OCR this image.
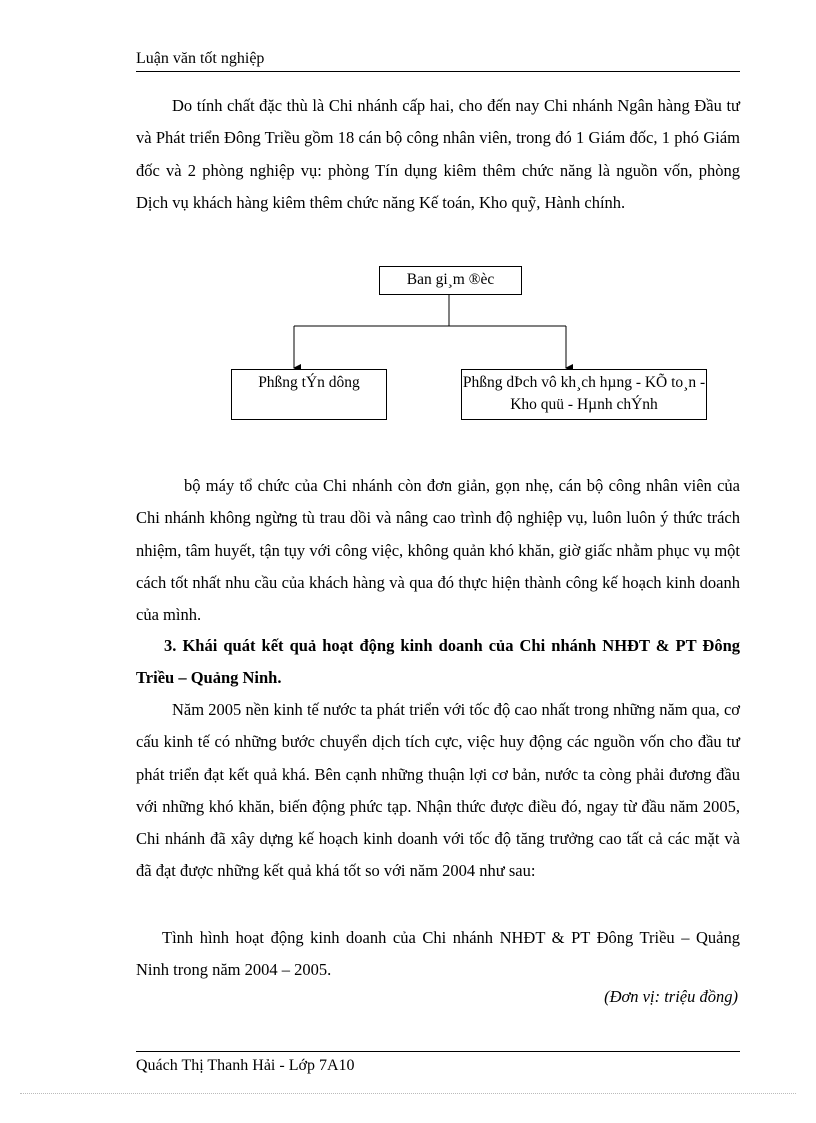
Luận văn tốt nghiệp

Do tính chất đặc thù là Chi nhánh cấp hai, cho đến nay Chi nhánh Ngân hàng Đầu tư và Phát triển Đông Triều gồm 18 cán bộ công nhân viên, trong đó 1 Giám đốc, 1 phó Giám đốc và 2 phòng nghiệp vụ: phòng Tín dụng kiêm thêm chức năng là nguồn vốn, phòng Dịch vụ khách hàng kiêm thêm chức năng Kế toán, Kho quỹ, Hành chính.

Ban gi¸m ®èc
Phßng tÝn dông	Phßng dÞch vô kh¸ch hµng - KÕ to¸n - Kho quü - Hµnh chÝnh

bộ máy tổ chức của Chi nhánh còn đơn giản, gọn nhẹ, cán bộ công nhân viên của Chi nhánh không ngừng tù trau dồi và nâng cao trình độ nghiệp vụ, luôn luôn ý thức trách nhiệm, tâm huyết, tận tụy với công việc, không quản khó khăn, giờ giấc nhằm phục vụ một cách tốt nhất nhu cầu của khách hàng và qua đó thực hiện thành công kế hoạch kinh doanh của mình.

3. Khái quát kết quả hoạt động kinh doanh của Chi nhánh NHĐT & PT Đông Triều – Quảng Ninh.

Năm 2005 nền kinh tế nước ta phát triển với tốc độ cao nhất trong những năm qua, cơ cấu kinh tế có những bước chuyển dịch tích cực, việc huy động các nguồn vốn cho đầu tư phát triển đạt kết quả khá. Bên cạnh những thuận lợi cơ bản, nước ta còng phải đương đầu với những khó khăn, biến động phức tạp. Nhận thức được điều đó, ngay từ đầu năm 2005, Chi nhánh đã xây dựng kế hoạch kinh doanh với tốc độ tăng trưởng cao tất cả các mặt và đã đạt được những kết quả khá tốt so với năm 2004 như sau:

Tình hình hoạt động kinh doanh của Chi nhánh NHĐT & PT Đông Triều – Quảng Ninh trong năm 2004 – 2005.

(Đơn vị: triệu đồng)
Quách Thị Thanh Hải - Lớp 7A10
